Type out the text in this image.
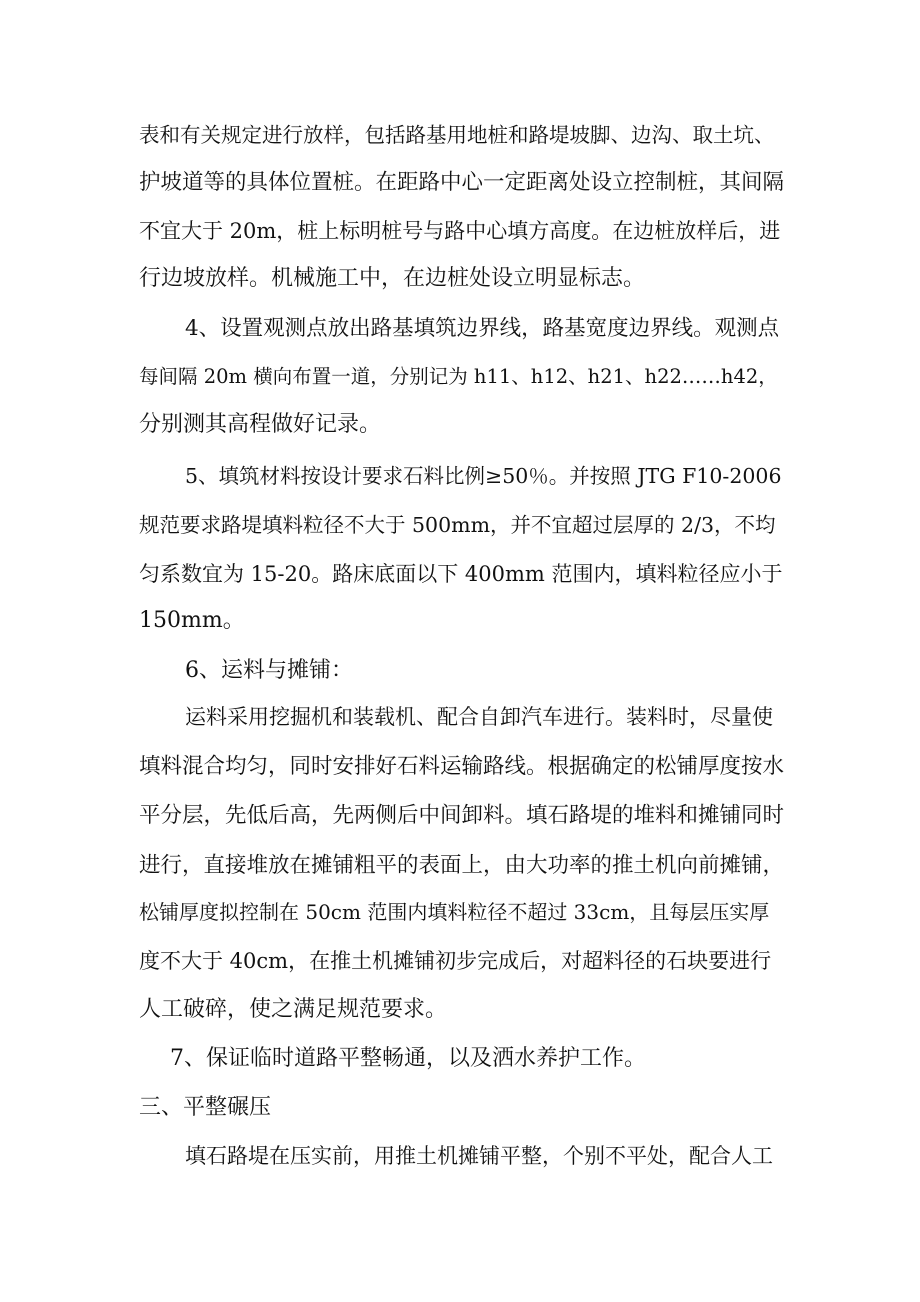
表和有关规定进行放样，包括路基用地桩和路堤坡脚、边沟、取土坑、

护坡道等的具体位置桩。在距路中心一定距离处设立控制桩，其间隔

不宜大于 20m，桩上标明桩号与路中心填方高度。在边桩放样后，进

行边坡放样。机械施工中，在边桩处设立明显标志。

4、设置观测点放出路基填筑边界线，路基宽度边界线。观测点

每间隔 20m 横向布置一道，分别记为 h11、h12、h21、h22……h42，

分别测其高程做好记录。

5、填筑材料按设计要求石料比例≥50％。并按照 JTG F10-2006

规范要求路堤填料粒径不大于 500mm，并不宜超过层厚的 2/3，不均

匀系数宜为 15-20。路床底面以下 400mm 范围内，填料粒径应小于

150mm。

6、运料与摊铺：

运料采用挖掘机和装载机、配合自卸汽车进行。装料时，尽量使

填料混合均匀，同时安排好石料运输路线。根据确定的松铺厚度按水

平分层，先低后高，先两侧后中间卸料。填石路堤的堆料和摊铺同时

进行，直接堆放在摊铺粗平的表面上，由大功率的推土机向前摊铺，

松铺厚度拟控制在 50cm 范围内填料粒径不超过 33cm，且每层压实厚

度不大于 40cm，在推土机摊铺初步完成后，对超料径的石块要进行

人工破碎，使之满足规范要求。

7、保证临时道路平整畅通，以及洒水养护工作。

三、平整碾压

填石路堤在压实前，用推土机摊铺平整，个别不平处，配合人工
